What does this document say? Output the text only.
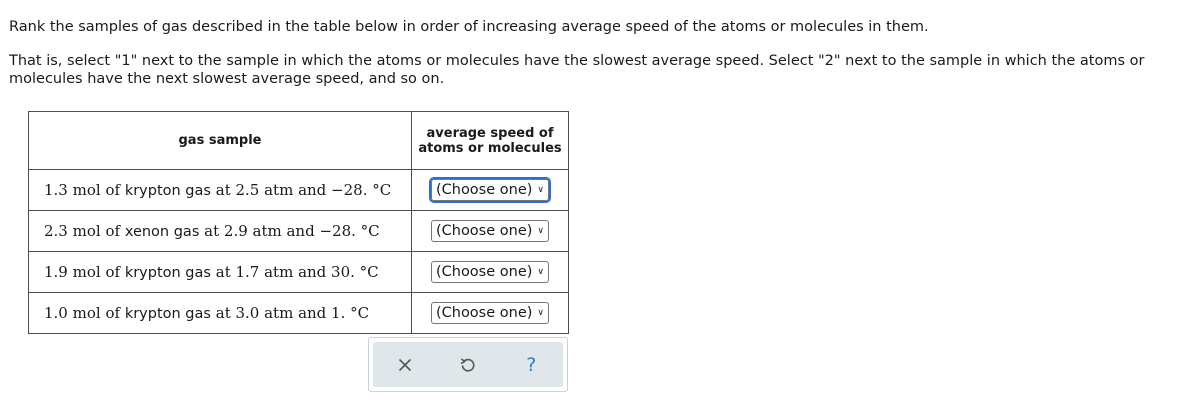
Rank the samples of gas described in the table below in order of increasing average speed of the atoms or molecules in them.

That is, select "1" next to the sample in which the atoms or molecules have the slowest average speed. Select "2" next to the sample in which the atoms or molecules have the next slowest average speed, and so on.

gas sample	average speed of
atoms or molecules
1.3 mol of krypton gas at 2.5 atm and −28. °C	(Choose one) ∨
2.3 mol of xenon gas at 2.9 atm and −28. °C	(Choose one) ∨
1.9 mol of krypton gas at 1.7 atm and 30. °C	(Choose one) ∨
1.0 mol of krypton gas at 3.0 atm and 1. °C	(Choose one) ∨
?
